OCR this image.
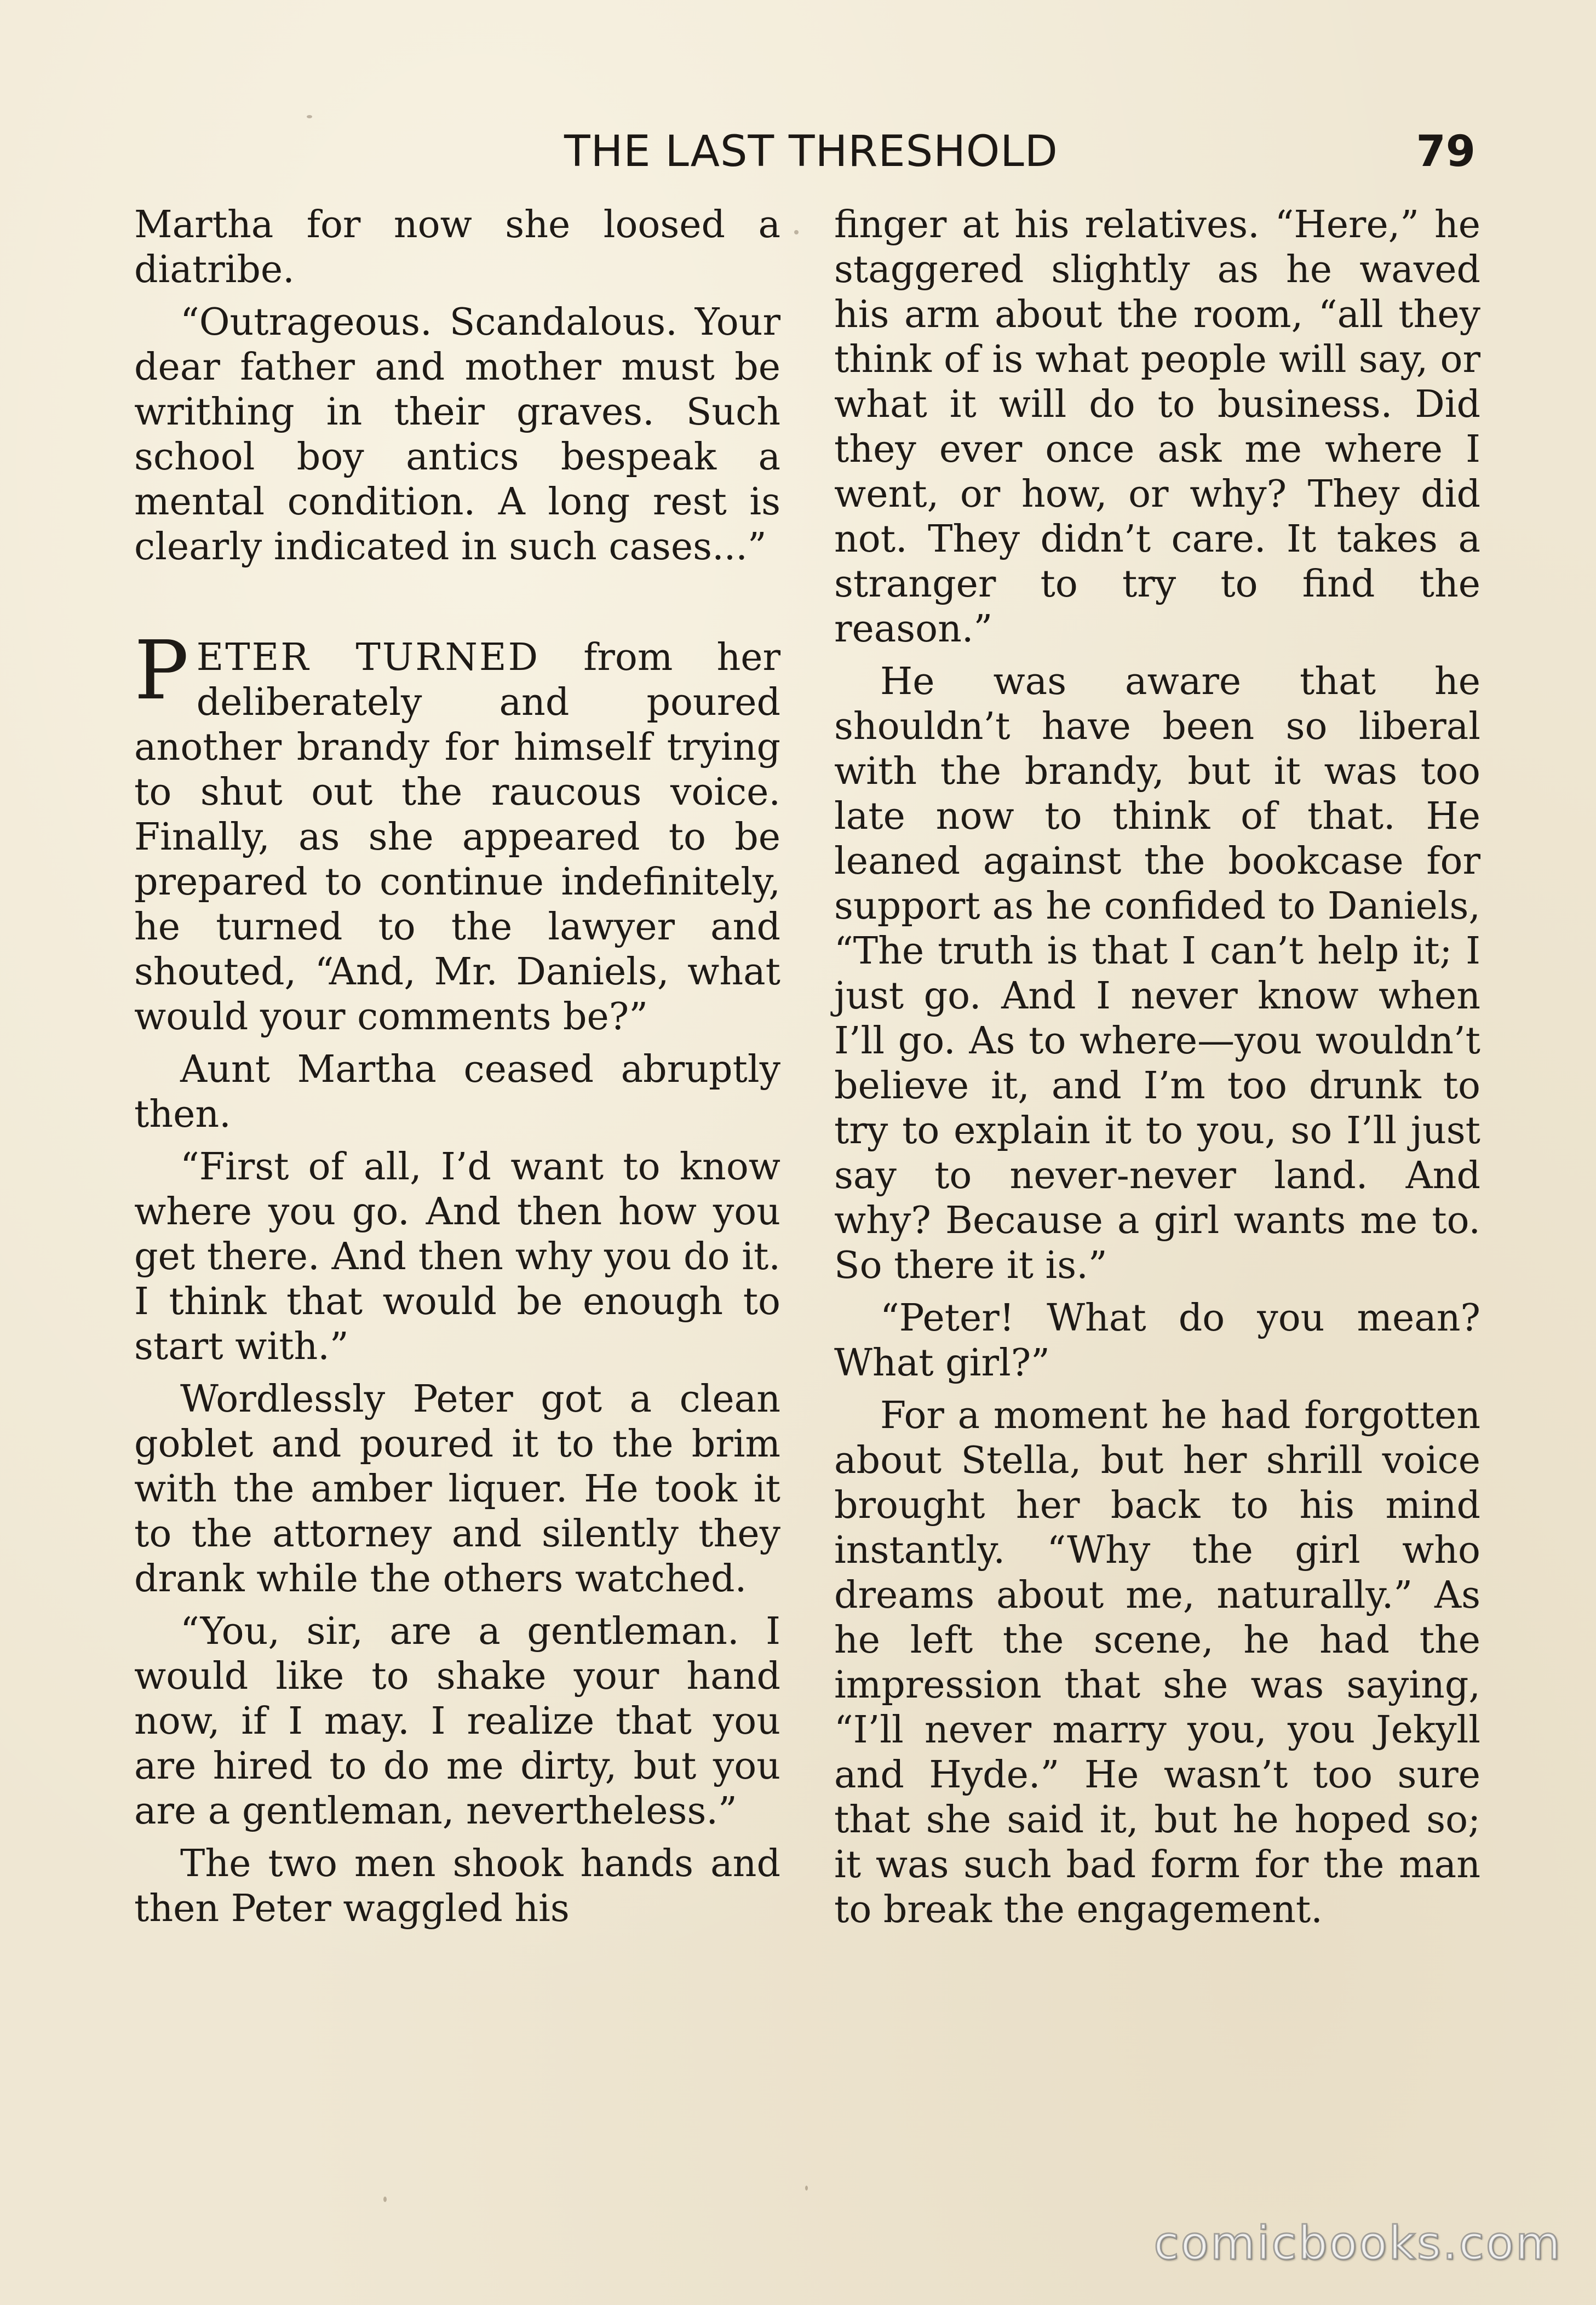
THE LAST THRESHOLD	79

Martha for now she loosed a diatribe.

“Outrageous. Scandalous. Your dear father and mother must be writhing in their graves. Such school boy antics bespeak a mental condition. A long rest is clearly indicated in such cases...”

PETER TURNED from her deliberately and poured another brandy for himself trying to shut out the raucous voice. Finally, as she appeared to be prepared to continue indefinitely, he turned to the lawyer and shouted, “And, Mr. Daniels, what would your comments be?”

Aunt Martha ceased abruptly then.

“First of all, I’d want to know where you go. And then how you get there. And then why you do it. I think that would be enough to start with.”

Wordlessly Peter got a clean goblet and poured it to the brim with the amber liquer. He took it to the attorney and silently they drank while the others watched.

“You, sir, are a gentleman. I would like to shake your hand now, if I may. I realize that you are hired to do me dirty, but you are a gentleman, nevertheless.”

The two men shook hands and then Peter waggled his

finger at his relatives. “Here,” he staggered slightly as he waved his arm about the room, “all they think of is what people will say, or what it will do to business. Did they ever once ask me where I went, or how, or why? They did not. They didn’t care. It takes a stranger to try to find the reason.”

He was aware that he shouldn’t have been so liberal with the brandy, but it was too late now to think of that. He leaned against the bookcase for support as he confided to Daniels, “The truth is that I can’t help it; I just go. And I never know when I’ll go. As to where—you wouldn’t believe it, and I’m too drunk to try to explain it to you, so I’ll just say to never-never land. And why? Because a girl wants me to. So there it is.”

“Peter! What do you mean? What girl?”

For a moment he had forgotten about Stella, but her shrill voice brought her back to his mind instantly. “Why the girl who dreams about me, naturally.” As he left the scene, he had the impression that she was saying, “I’ll never marry you, you Jekyll and Hyde.” He wasn’t too sure that she said it, but he hoped so; it was such bad form for the man to break the engagement.

comicbooks.com
